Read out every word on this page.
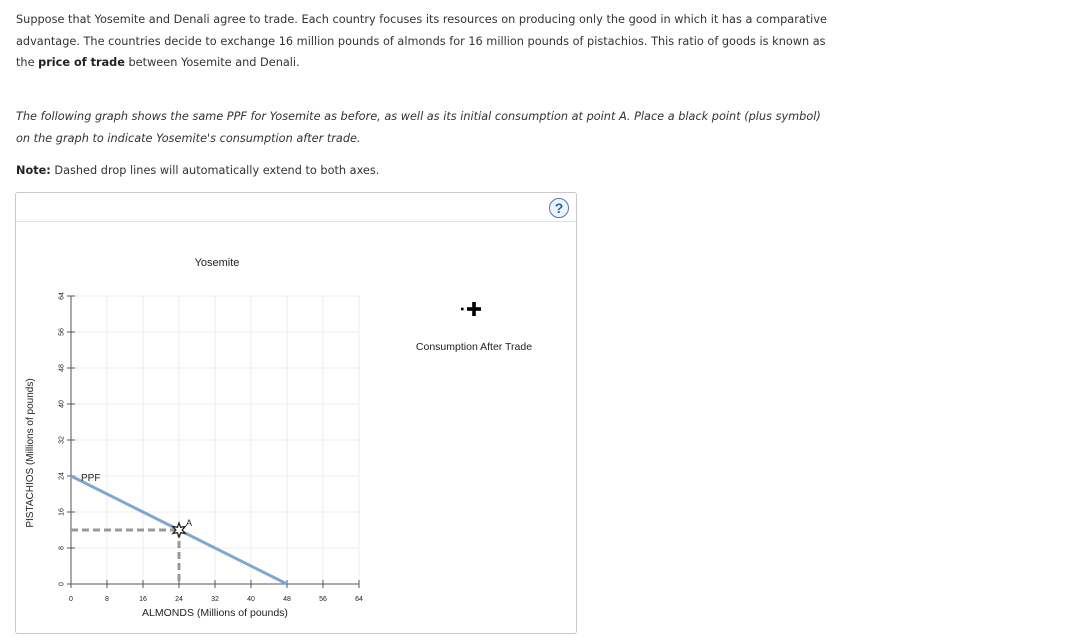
Suppose that Yosemite and Denali agree to trade. Each country focuses its resources on producing only the good in which it has a comparative advantage. The countries decide to exchange 16 million pounds of almonds for 16 million pounds of pistachios. This ratio of goods is known as the price of trade between Yosemite and Denali.

The following graph shows the same PPF for Yosemite as before, as well as its initial consumption at point A. Place a black point (plus symbol) on the graph to indicate Yosemite's consumption after trade.

Note: Dashed drop lines will automatically extend to both axes.

?
Yosemite
0	8	16	24	32	40	48	56	64
0
8
16
24
32
40
48
56
64
PPF
A
ALMONDS (Millions of pounds)
PISTACHIOS (Millions of pounds)
Consumption After Trade
